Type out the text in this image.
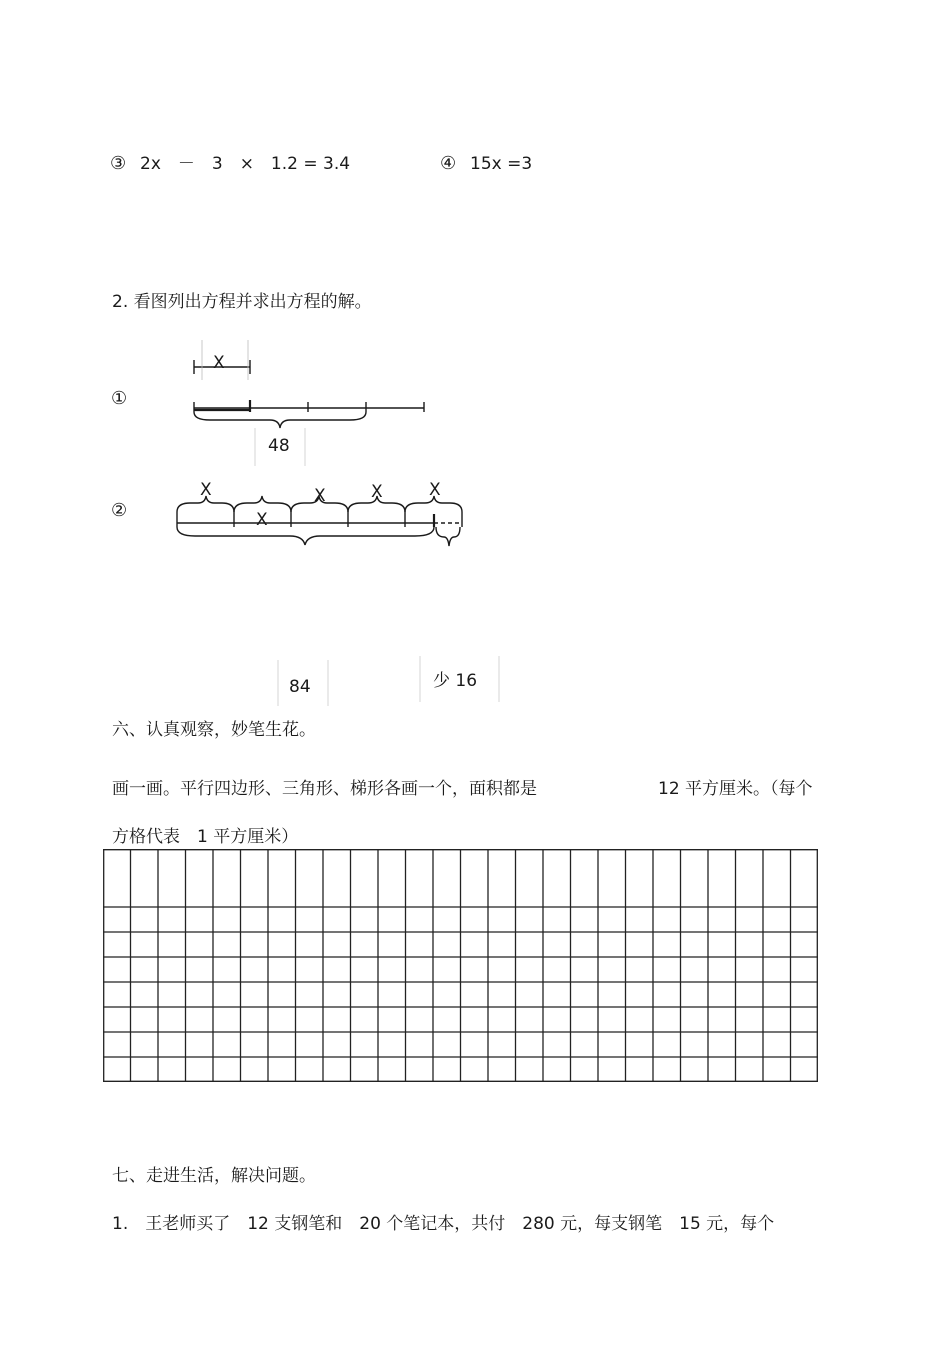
③ 2x　－　3　×　1.2 = 3.4	④ 15x =3
2. 看图列出方程并求出方程的解。
①
②
X
48
X	X	X	X
X
84	少 16
六、认真观察，妙笔生花。
画一画。平行四边形、三角形、梯形各画一个，面积都是	12 平方厘米。（每个
方格代表　1 平方厘米）
七、走进生活，解决问题。
1.　王老师买了　12 支钢笔和　20 个笔记本，共付　280 元，每支钢笔　15 元，每个
